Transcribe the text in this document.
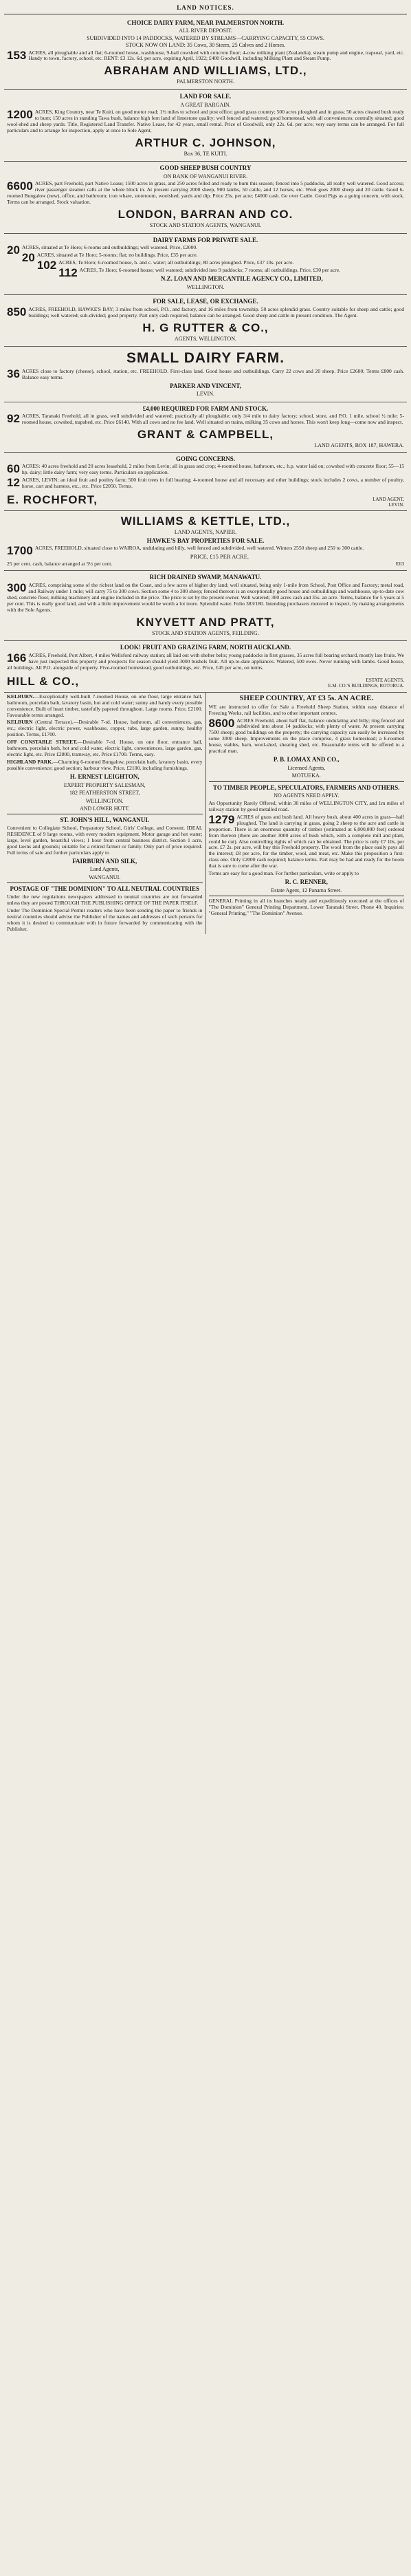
LAND NOTICES.
CHOICE DAIRY FARM, NEAR PALMERSTON NORTH.
ALL RIVER DEPOSIT.
SUBDIVIDED INTO 14 PADDOCKS, WATERED BY STREAMS—CARRYING CAPACITY, 55 COWS.
STOCK NOW ON LAND: 35 Cows, 30 Steers, 25 Calves and 2 Horses.
153 ACRES, all ploughable and all flat; 6-roomed house, washhouse, 9-bail cowshed with concrete floor; 4-cow milking plant (Zealandia), steam pump and engine, trapsoal, yard, etc. Handy to town, factory, school, etc. RENT: £3 12s. 6d. per acre, expiring April, 1922; £400 Goodwill, including Milking Plant and Steam Pump.
ABRAHAM AND WILLIAMS, LTD.,
PALMERSTON NORTH.
LAND FOR SALE.
A GREAT BARGAIN.
1200 ACRES, King Country, near Te Kuiti, on good motor road; 1½ miles to school and post office; good grass country; 500 acres ploughed and in grass; 50 acres cleared bush ready to burn; 150 acres in standing Tawa bush, balance high fern land of limestone quality; well fenced and watered; good homestead, with all conveniences; centrally situated; good wool-shed and sheep yards. Title, Registered Land Transfer. Native Lease, for 42 years, small rental. Price of Goodwill, only 22s. 6d. per acre; very easy terms can be arranged. For full particulars and to arrange for inspection, apply at once to Sole Agent,
ARTHUR C. JOHNSON,
Box 36, TE KUITI.
GOOD SHEEP BUSH COUNTRY
ON BANK OF WANGANUI RIVER.
6600 ACRES, part Freehold, part Native Lease; 1500 acres in grass, and 250 acres felled and ready to burn this season; fenced into 5 paddocks, all really well watered. Good access; river passenger steamer calls at the whole block in. At present carrying 2000 sheep, 900 lambs, 50 cattle, and 12 horses, etc. Wool goes 2000 sheep and 20 cattle. Good 6-roomed Bungalow (new), office, and bathroom; iron whare, storeroom, woolshed, yards and dip. Price 25s. per acre; £4000 cash. Go over Cattle. Good Pigs as a going concern, with stock. Terms can be arranged. Stock valuation.
LONDON, BARRAN AND CO.
STOCK AND STATION AGENTS, WANGANUI.
DAIRY FARMS FOR PRIVATE SALE.
20 ACRES, situated at Te Horo; 6-rooms and outbuildings; well watered. Price, £2000.
20 ACRES, situated at Te Horo; 5-rooms; flat; no buildings. Price, £35 per acre.
102 ACRES, Te Horo; 6-roomed house, h. and c. water; all outbuildings; 80 acres ploughed. Price, £37 10s. per acre.
112 ACRES, Te Horo; 6-roomed house; well watered; subdivided into 9 paddocks; 7 rooms; all outbuildings. Price, £30 per acre.
N.Z. LOAN AND MERCANTILE AGENCY CO., LIMITED,
WELLINGTON.
FOR SALE, LEASE, OR EXCHANGE.
850 ACRES, FREEHOLD, HAWKE'S BAY; 3 miles from school, P.O., and factory, and 16 miles from township. 50 acres splendid grass. Country suitable for sheep and cattle; good buildings; well watered; sub-divided; good property. Part only cash required, balance can be arranged. Good sheep and cattle in present condition. The Agent.
H. G RUTTER & CO.,
AGENTS, WELLINGTON.
SMALL DAIRY FARM.
36 ACRES close to factory (cheese), school, station, etc. FREEHOLD. First-class land. Good house and outbuildings. Carry 22 cows and 20 sheep. Price £2600; Terms £800 cash. Balance easy terms.
PARKER AND VINCENT,
LEVIN.
£4,000 REQUIRED FOR FARM AND STOCK.
92 ACRES, Taranaki Freehold, all in grass, well subdivided and watered; practically all ploughable; only 3/4 mile to dairy factory; school, store, and P.O. 1 mile, school ½ mile; 5-roomed house, cowshed, trapshed, etc. Price £6140. With all cows and no fee land. Well situated on trains, milking 35 cows and horses. This won't keep long—come now and inspect.
GRANT & CAMPBELL,
LAND AGENTS, BOX 187, HAWERA.
GOING CONCERNS.
60 ACRES: 40 acres freehold and 20 acres leasehold, 2 miles from Levin; all in grass and crop; 4-roomed house, bathroom, etc.; h.p. water laid on; cowshed with concrete floor; 55—15 hp. dairy; little dairy farm; very easy terms. Particulars on application.
12 ACRES, LEVIN; an ideal fruit and poultry farm; 500 fruit trees in full bearing; 4-roomed house and all necessary and other buildings; stock includes 2 cows, a number of poultry, horse, cart and harness, etc., etc. Price £2050. Terms.
E. ROCHFORT,	LAND AGENT,
LEVIN.
WILLIAMS & KETTLE, LTD.,
LAND AGENTS, NAPIER.
HAWKE'S BAY PROPERTIES FOR SALE.
1700 ACRES, FREEHOLD, situated close to WAIROA, undulating and hilly, well fenced and subdivided, well watered. Winters 2550 sheep and 250 to 300 cattle.
PRICE, £15 PER ACRE.
25 per cent. cash, balance arranged at 5½ per cent.	E63
RICH DRAINED SWAMP, MANAWATU.
300 ACRES, comprising some of the richest land on the Coast, and a few acres of higher dry land; well situated, being only 1-mile from School, Post Office and Factory; metal road, and Railway under 1 mile; will carry 75 to 300 cows. Section some 4 to 300 sheep; fenced thereon is an exceptionally good house and outbuildings and washhouse, up-to-date cow shed, concrete floor, milking machinery and engine included in the price. The price is set by the present owner. Well watered; 300 acres cash and 35s. an acre. Terms, balance for 5 years at 5 per cent. This is really good land, and with a little improvement would be worth a lot more. Splendid water. Folio 383/180. Intending purchasers motored to inspect, by making arrangements with the Sole Agents.
KNYVETT AND PRATT,
STOCK AND STATION AGENTS, FEILDING.
LOOK! FRUIT AND GRAZING FARM, NORTH AUCKLAND.
166 ACRES, Freehold, Port Albert, 4 miles Wellsford railway station; all laid out with shelter belts; young paddocks in first grasses, 35 acres full bearing orchard, mostly late fruits. We have just inspected this property and prospects for season should yield 3000 bushels fruit. All up-to-date appliances. Watered, 500 ewes. Never running with lambs. Good house, all buildings. All P.O. alongside of property. Five-roomed homestead, good outbuildings, etc. Price, £45 per acre, on terms.
HILL & CO.,	ESTATE AGENTS,
E.M. CO.'S BUILDINGS, ROTORUA.
KELBURN.—Exceptionally well-built 7-roomed House, on one floor, large entrance hall, bathroom, porcelain bath, lavatory basin, hot and cold water; sunny and handy every possible convenience. Built of heart timber, tastefully papered throughout. Large rooms. Price, £2100. Favourable terms arranged.
KELBURN (Central Terrace).—Desirable 7-rd. House, bathroom, all conveniences, gas, etc.; electric light, electric power, washhouse, copper, tubs, large garden, sunny, healthy position. Terms, £1700.
OFF CONSTABLE STREET.—Desirable 7-rd. House, on one floor, entrance hall, bathroom, porcelain bath, hot and cold water, electric light, conveniences, large garden, gas, electric light, etc. Price £2800, tramway, etc. Price £1700. Terms, easy.
HIGHLAND PARK.—Charming 6-roomed Bungalow, porcelain bath, lavatory basin, every possible convenience; good section; harbour view. Price, £2100, including furnishings.
H. ERNEST LEIGHTON,
EXPERT PROPERTY SALESMAN,
182 FEATHERSTON STREET,
WELLINGTON.
AND LOWER HUTT.
ST. JOHN'S HILL, WANGANUI.
Convenient to Collegiate School, Preparatory School, Girls' College, and Convent. IDEAL RESIDENCE of 9 large rooms, with every modern equipment. Motor garage and hot water; large, level garden, beautiful views; 1 hour from central business district. Section 1 acre, good lawns and grounds; suitable for a retired farmer or family. Only part of price required. Full terms of sale and further particulars apply to
FAIRBURN AND SILK,
Land Agents,
WANGANUI.
POSTAGE OF "THE DOMINION" TO ALL NEUTRAL COUNTRIES
Under the new regulations newspapers addressed to neutral countries are not forwarded unless they are posted THROUGH THE PUBLISHING OFFICE OF THE PAPER ITSELF.
Under The Dominion Special Permit readers who have been sending the paper to friends in neutral countries should advise the Publisher of the names and addresses of such persons for whom it is desired to communicate with in future forwarded by communicating with the Publisher.
SHEEP COUNTRY, AT £3 5s. AN ACRE.
WE are instructed to offer for Sale a Freehold Sheep Station, within easy distance of Freezing Works, rail facilities, and to other important centres.
8600 ACRES Freehold, about half flat, balance undulating and hilly; ring fenced and subdivided into about 14 paddocks; with plenty of water. At present carrying 7500 sheep; good buildings on the property; the carrying capacity can easily be increased by some 3000 sheep. Improvements on the place comprise, 4 grass homestead; a 6-roomed house, stables, barn, wool-shed, shearing shed, etc. Reasonable terms will be offered to a practical man.
P. B. LOMAX AND CO.,
Licensed Agents,
MOTUEKA.
TO TIMBER PEOPLE, SPECULATORS, FARMERS AND OTHERS.
NO AGENTS NEED APPLY.
An Opportunity Rarely Offered, within 30 miles of WELLINGTON CITY, and 1m miles of railway station by good metalled road.
1279 ACRES of grass and bush land. All heavy bush, about 400 acres in grass—half ploughed. The land is carrying in grass, going 2 sheep to the acre and cattle in proportion. There is an enormous quantity of timber (estimated at 6,000,000 feet) ordered from thereon (there are another 3000 acres of bush which, with a complete mill and plant, could be cut). Also controlling rights of which can be obtained. The price is only £7 10s. per acre. £7 2s. per acre, will buy this Freehold property. The wool from the place easily pays all the interest; £8 per acre, for the timber, wool, and meat, etc. Make this proposition a first-class one. Only £2000 cash required; balance terms. Part may be had and ready for the boom that is sure to come after the war.
Terms are easy for a good man. For further particulars, write or apply to
R. C. RENNER,
Estate Agent, 12 Panama Street.
GENERAL Printing in all its branches neatly and expeditiously executed at the offices of "The Dominion" General Printing Department, Lower Taranaki Street. Phone 40. Inquiries: "General Printing," "The Dominion" Avenue.
